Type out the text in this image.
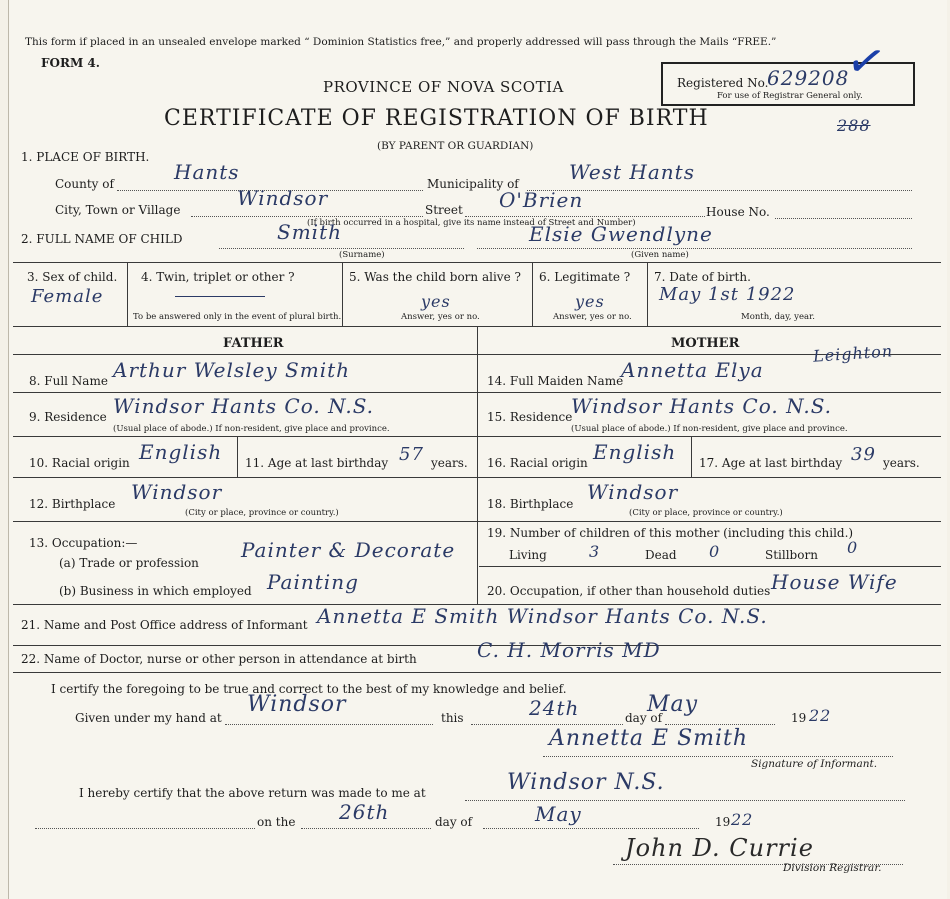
This form if placed in an unsealed envelope marked “ Dominion Statistics free,” and properly addressed will pass through the Mails “FREE.”
FORM 4.
PROVINCE OF NOVA SCOTIA
CERTIFICATE OF REGISTRATION OF BIRTH
(BY PARENT OR GUARDIAN)
Registered No.
629208
For use of Registrar General only.
✓
288
1. PLACE OF BIRTH.
County of	Hants	Municipality of	West Hants
City, Town or Village	Windsor	Street O'Brien	House No.
(If birth occurred in a hospital, give its name instead of Street and Number)
2. FULL NAME OF CHILD	Smith
(Surname)
Elsie Gwendlyne
(Given name)
3. Sex of child.
Female
4. Twin, triplet or other ?
To be answered only in the event of plural birth.
5. Was the child born alive ?
yes
Answer, yes or no.
6. Legitimate ?
yes
Answer, yes or no.
7. Date of birth.
May 1st 1922
Month, day, year.
FATHER	MOTHER
8. Full Name Arthur Welsley Smith
9. Residence Windsor Hants Co. N.S.
(Usual place of abode.) If non-resident, give place and province.
10. Racial origin English 11. Age at last birthday 57 years.
12. Birthplace Windsor
(City or place, province or country.)
13. Occupation:—
(a) Trade or profession
Painter & Decorate
(b) Business in which employed Painting
14. Full Maiden Name
Annetta Elya
Leighton
15. Residence
Windsor Hants Co. N.S.
(Usual place of abode.) If non-resident, give place and province.
16. Racial origin English 17. Age at last birthday 39 years.
18. Birthplace Windsor
(City or place, province or country.)
19. Number of children of this mother (including this child.)
Living	3	Dead 0	Stillborn 0
20. Occupation, if other than household duties House Wife
21. Name and Post Office address of Informant Annetta E Smith Windsor Hants Co. N.S.
22. Name of Doctor, nurse or other person in attendance at birth	C. H. Morris MD
I certify the foregoing to be true and correct to the best of my knowledge and belief.
Given under my hand at
Windsor
this	24th	day of
May
19 22
Annetta E Smith
Signature of Informant.
I hereby certify that the above return was made to me at	Windsor N.S.
on the 26th	day of	May	19 22
John D. Currie
Division Registrar.
